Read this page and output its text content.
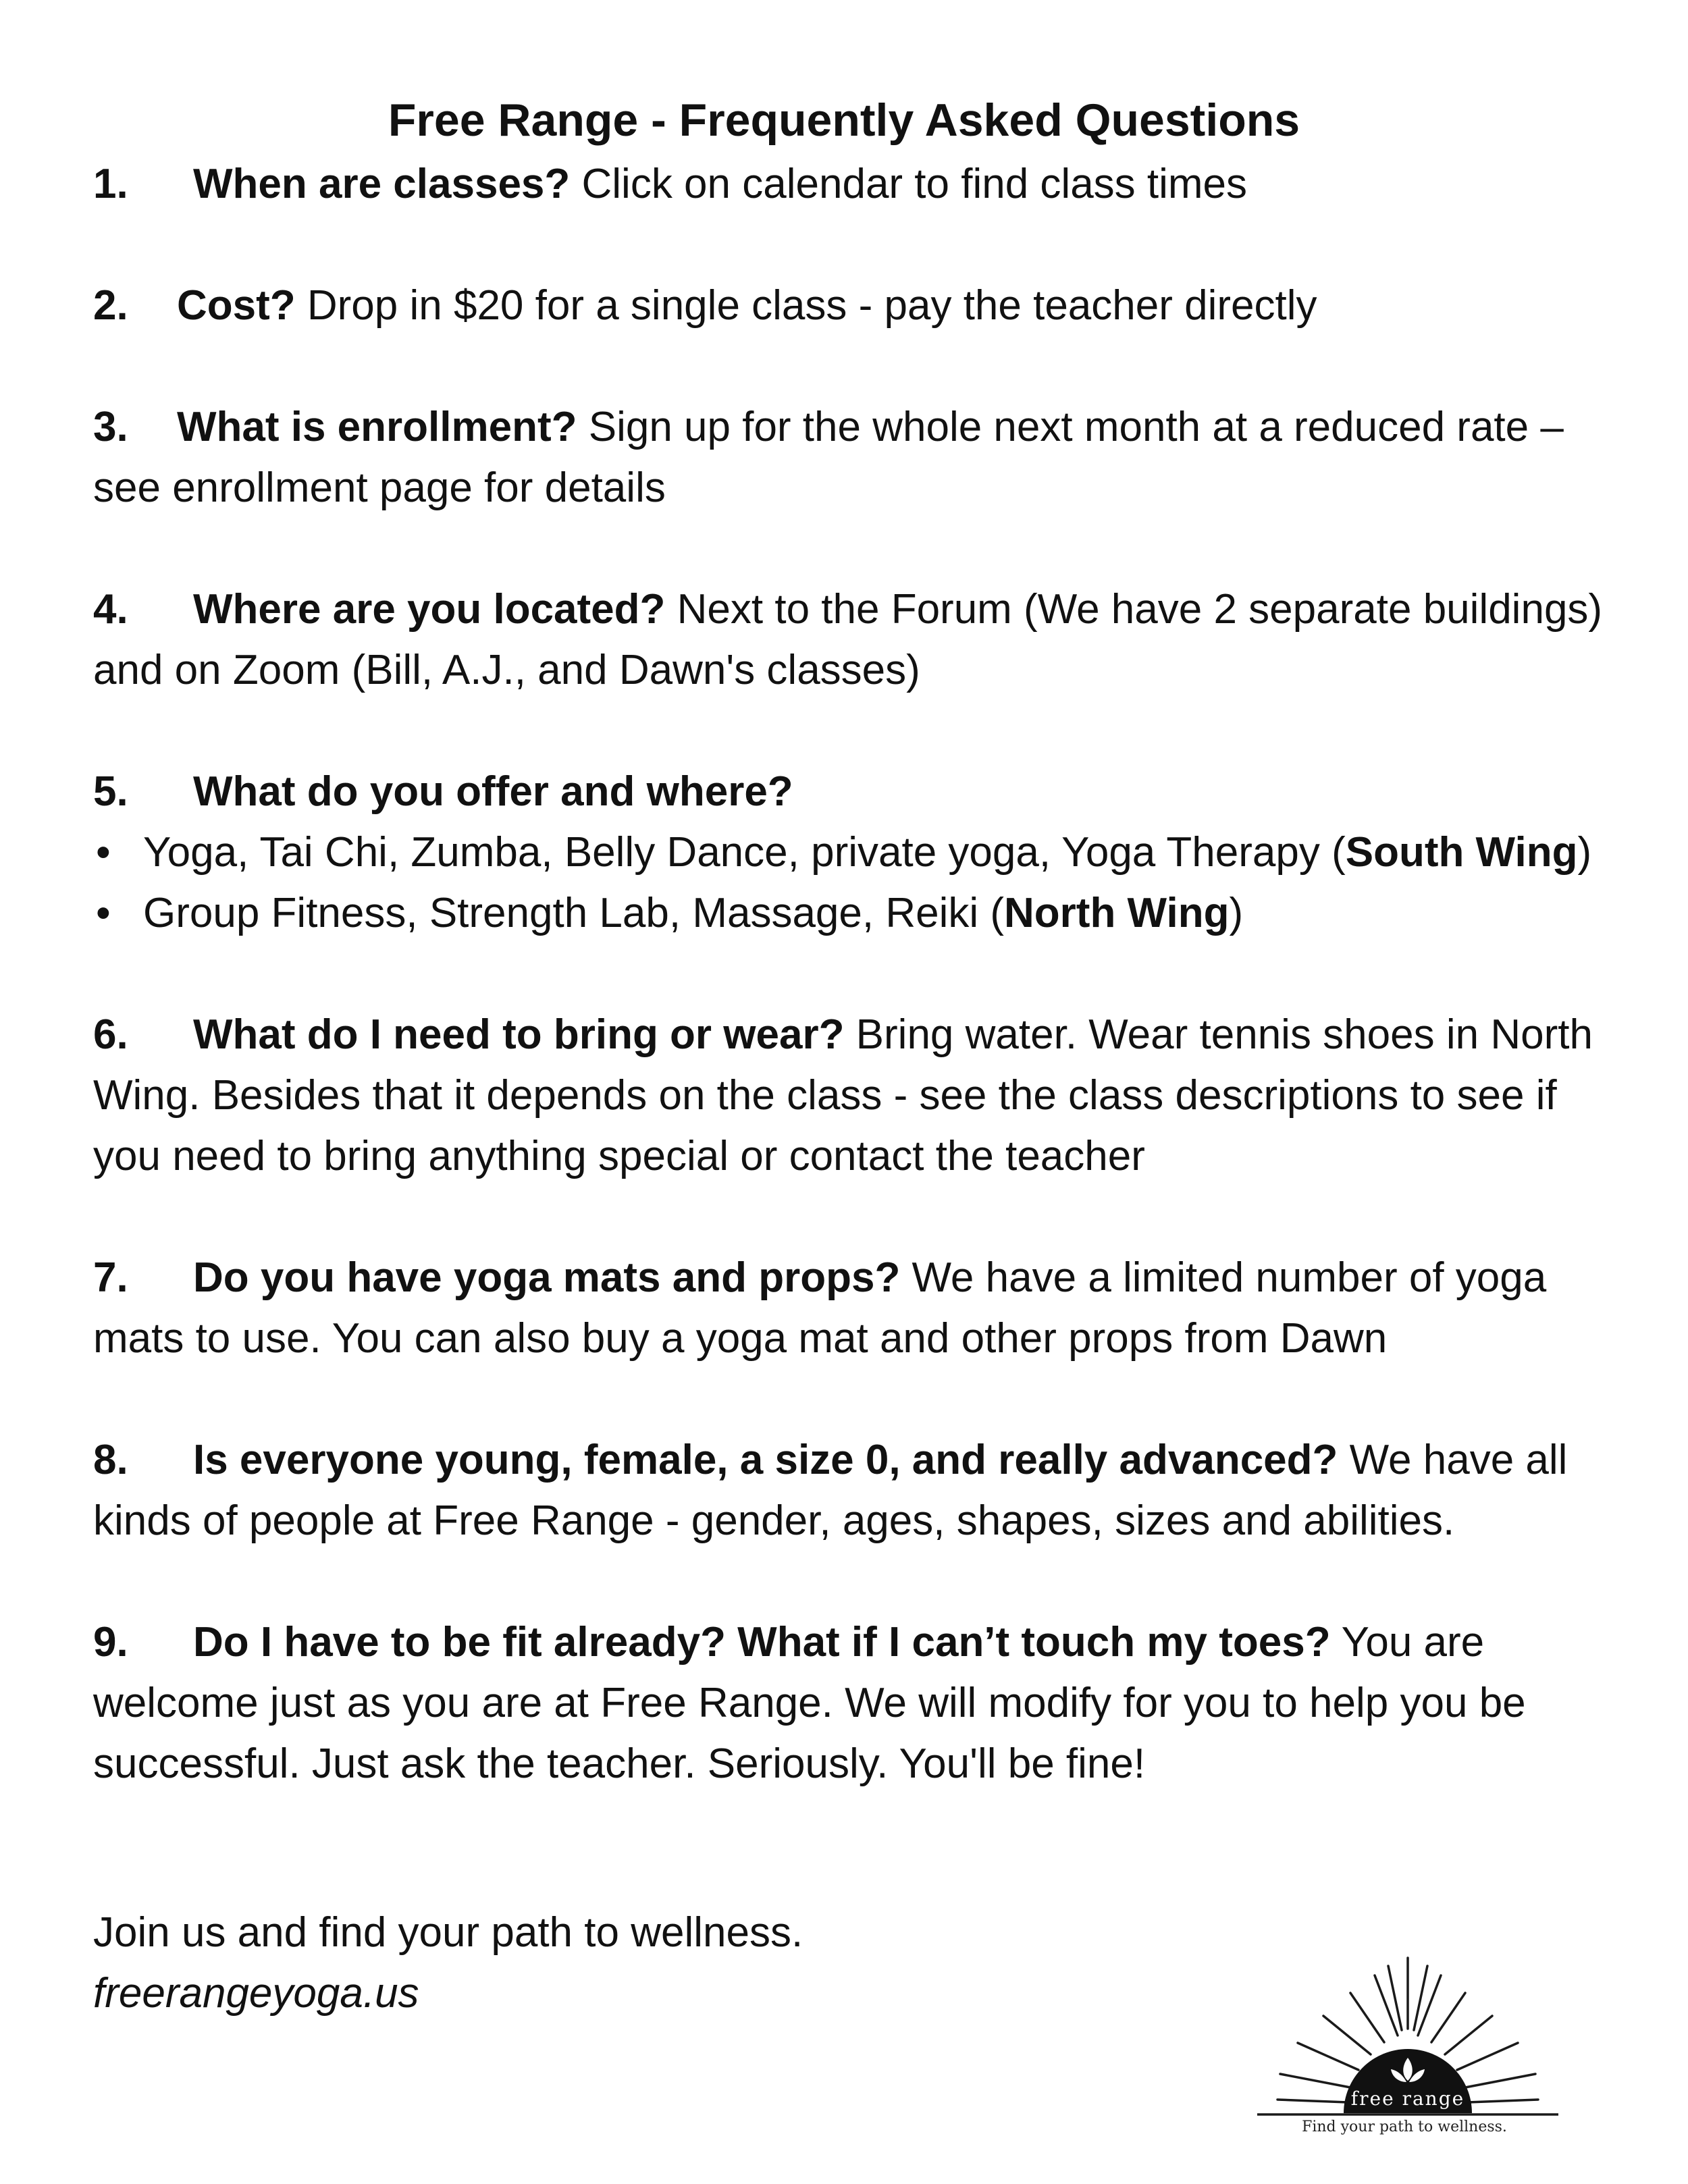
Free Range - Frequently Asked Questions

1. When are classes? Click on calendar to find class times

2. Cost? Drop in $20 for a single class - pay the teacher directly

3. What is enrollment? Sign up for the whole next month at a reduced rate – see enrollment page for details

4. Where are you located? Next to the Forum (We have 2 separate buildings) and on Zoom (Bill, A.J., and Dawn's classes)

5. What do you offer and where?
• Yoga, Tai Chi, Zumba, Belly Dance, private yoga, Yoga Therapy (South Wing)
• Group Fitness, Strength Lab, Massage, Reiki (North Wing)

6. What do I need to bring or wear? Bring water. Wear tennis shoes in North Wing. Besides that it depends on the class - see the class descriptions to see if you need to bring anything special or contact the teacher

7. Do you have yoga mats and props? We have a limited number of yoga mats to use. You can also buy a yoga mat and other props from Dawn

8. Is everyone young, female, a size 0, and really advanced? We have all kinds of people at Free Range - gender, ages, shapes, sizes and abilities.

9. Do I have to be fit already? What if I can’t touch my toes? You are welcome just as you are at Free Range. We will modify for you to help you be successful. Just ask the teacher. Seriously. You'll be fine!

Join us and find your path to wellness.
freerangeyoga.us
free range
Find your path to wellness.
